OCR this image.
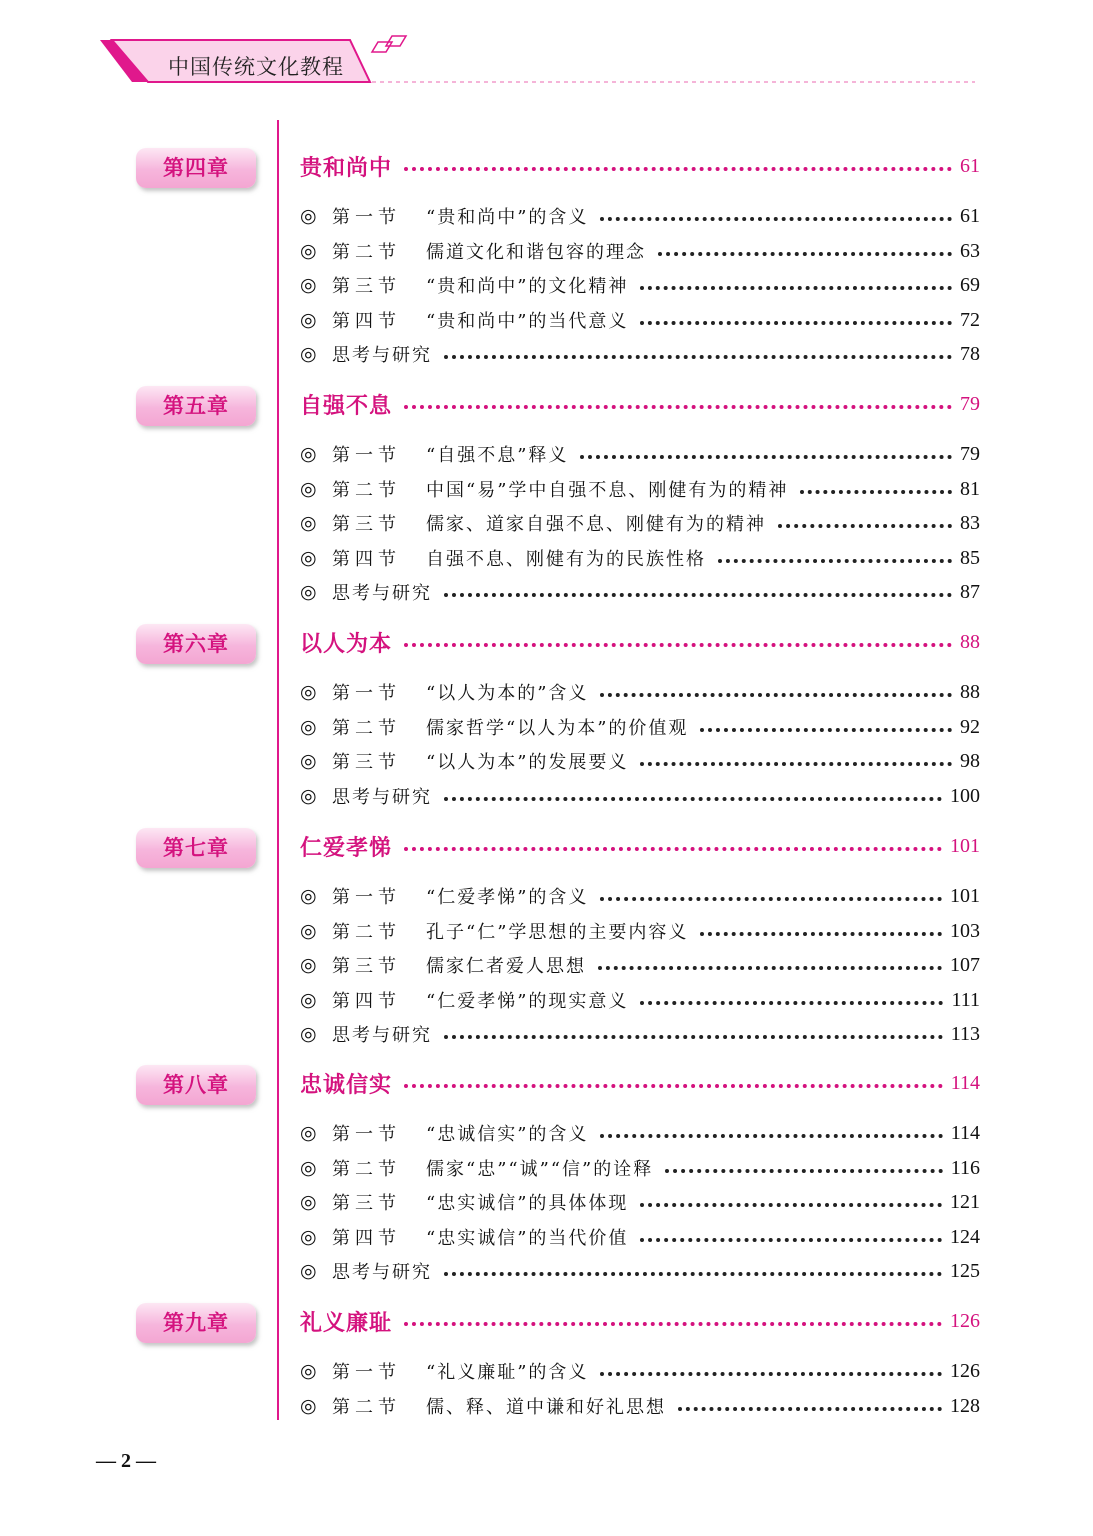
中国传统文化教程
第四章	贵和尚中	61
◎ 第一节	“贵和尚中”的含义	61
◎ 第二节	儒道文化和谐包容的理念	63
◎ 第三节	“贵和尚中”的文化精神	69
◎ 第四节	“贵和尚中”的当代意义	72
◎ 思考与研究	78
第五章	自强不息	79
◎ 第一节	“自强不息”释义	79
◎ 第二节	中国“易”学中自强不息、刚健有为的精神	81
◎ 第三节	儒家、道家自强不息、刚健有为的精神	83
◎ 第四节	自强不息、刚健有为的民族性格	85
◎ 思考与研究	87
第六章	以人为本	88
◎ 第一节	“以人为本的”含义	88
◎ 第二节	儒家哲学“以人为本”的价值观	92
◎ 第三节	“以人为本”的发展要义	98
◎ 思考与研究	100
第七章	仁爱孝悌	101
◎ 第一节	“仁爱孝悌”的含义	101
◎ 第二节	孔子“仁”学思想的主要内容义	103
◎ 第三节	儒家仁者爱人思想	107
◎ 第四节	“仁爱孝悌”的现实意义	111
◎ 思考与研究	113
第八章	忠诚信实	114
◎ 第一节	“忠诚信实”的含义	114
◎ 第二节	儒家“忠”“诚”“信”的诠释	116
◎ 第三节	“忠实诚信”的具体体现	121
◎ 第四节	“忠实诚信”的当代价值	124
◎ 思考与研究	125
第九章	礼义廉耻	126
◎ 第一节	“礼义廉耻”的含义	126
◎ 第二节	儒、释、道中谦和好礼思想	128
— 2 —
